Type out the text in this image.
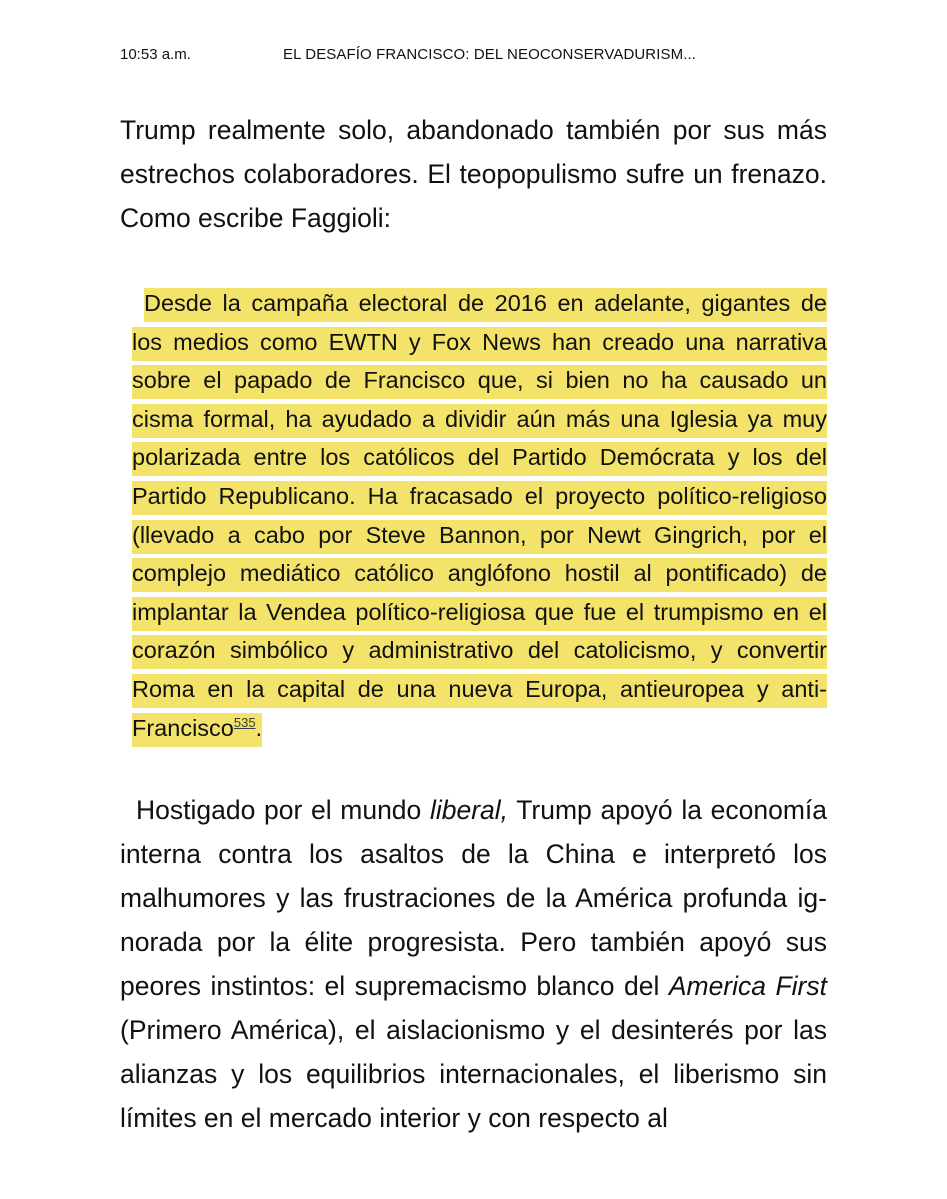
10:53 a.m.	EL DESAFÍO FRANCISCO: DEL NEOCONSERVADURISM...

Trump realmente solo, abandonado también por sus más estrechos colaboradores. El teopopulismo sufre un frenazo. Como escribe Faggioli:

Desde la campaña electoral de 2016 en adelante, gigantes de los medios como EWTN y Fox News han creado una narrativa sobre el papado de Francisco que, si bien no ha causado un cisma formal, ha ayudado a dividir aún más una Iglesia ya muy polarizada entre los católicos del Partido Demócrata y los del Partido Republicano. Ha fracasado el proyecto político-religioso (llevado a cabo por Steve Bannon, por Newt Gingrich, por el complejo mediático católico anglófono hostil al pontificado) de implantar la Vendea político-religiosa que fue el trumpismo en el corazón simbólico y administrativo del catolicismo, y convertir Roma en la capital de una nueva Europa, antieuropea y anti-Francisco$^{535}$.

Hostigado por el mundo liberal, Trump apoyó la economía interna contra los asaltos de la China e interpretó los malhumores y las frustraciones de la América profunda ignorada por la élite progresista. Pero también apoyó sus peores instintos: el supremacismo blanco del America First (Primero América), el aislacionismo y el desinterés por las alianzas y los equilibrios internacionales, el liberismo sin límites en el mercado interior y con respecto al
